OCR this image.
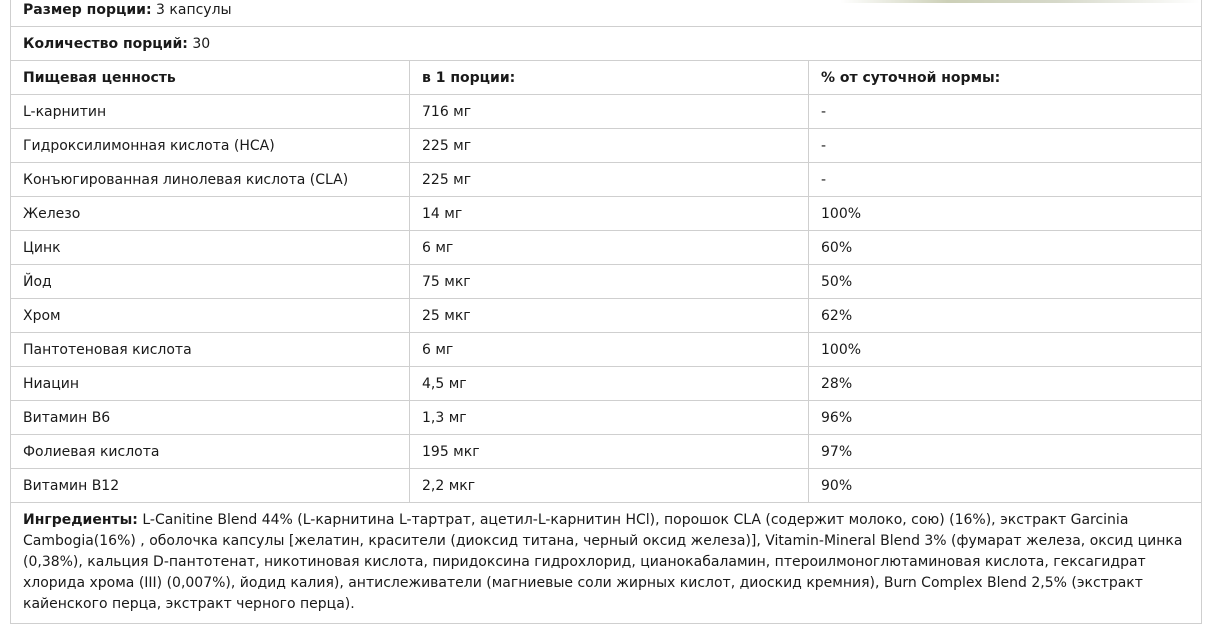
Размер порции: 3 капсулы		
Количество порций: 30		
Пищевая ценность	в 1 порции:	% от суточной нормы:
L-карнитин	716 мг	-
Гидроксилимонная кислота (HCA)	225 мг	-
Конъюгированная линолевая кислота (CLA)	225 мг	-
Железо	14 мг	100%
Цинк	6 мг	60%
Йод	75 мкг	50%
Хром	25 мкг	62%
Пантотеновая кислота	6 мг	100%
Ниацин	4,5 мг	28%
Витамин В6	1,3 мг	96%
Фолиевая кислота	195 мкг	97%
Витамин В12	2,2 мкг	90%
Ингредиенты: L-Canitine Blend 44% (L-карнитина L-тартрат, ацетил-L-карнитин HCl), порошок CLA (содержит молоко, сою) (16%), экстракт Garcinia Cambogia(16%) , оболочка капсулы [желатин, красители (диоксид титана, черный оксид железа)], Vitamin-Mineral Blend 3% (фумарат железа, оксид цинка (0,38%), кальция D-пантотенат, никотиновая кислота, пиридоксина гидрохлорид, цианокабаламин, птероилмоноглютаминовая кислота, гексагидрат хлорида хрома (III) (0,007%), йодид калия), антислеживатели (магниевые соли жирных кислот, диоскид кремния), Burn Complex Blend 2,5% (экстракт кайенского перца, экстракт черного перца).		
